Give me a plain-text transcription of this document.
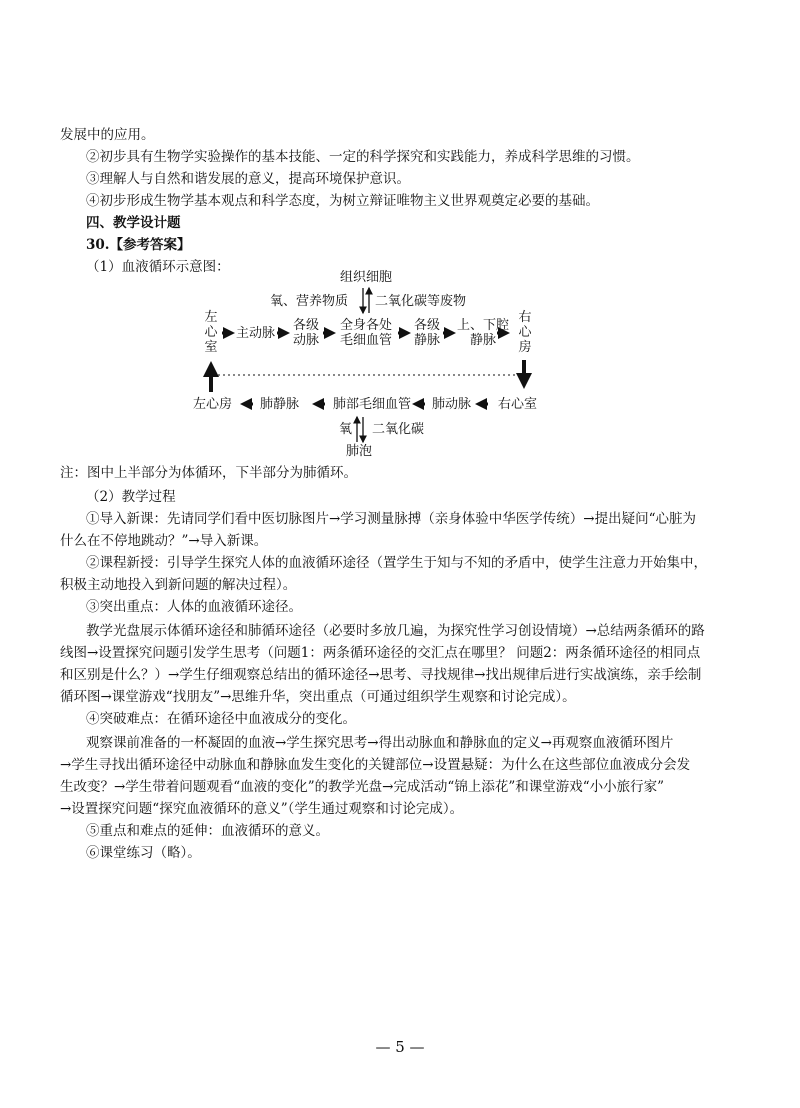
发展中的应用。
②初步具有生物学实验操作的基本技能、一定的科学探究和实践能力，养成科学思维的习惯。
③理解人与自然和谐发展的意义，提高环境保护意识。
④初步形成生物学基本观点和科学态度，为树立辩证唯物主义世界观奠定必要的基础。
四、教学设计题
30.【参考答案】
（1）血液循环示意图：
组织细胞
氧、营养物质 二氧化碳等废物
左
心
室
主动脉
各级
动脉
全身各处
毛细血管
各级
静脉
上、下腔
静脉
右
心
房
左心房 肺静脉	肺部毛细血管 肺动脉 右心室
氧 二氧化碳
肺泡
注：图中上半部分为体循环，下半部分为肺循环。
（2）教学过程
①导入新课：先请同学们看中医切脉图片→学习测量脉搏（亲身体验中华医学传统）→提出疑问“心脏为
什么在不停地跳动？”→导入新课。
②课程新授：引导学生探究人体的血液循环途径（置学生于知与不知的矛盾中，使学生注意力开始集中，
积极主动地投入到新问题的解决过程）。
③突出重点：人体的血液循环途径。
教学光盘展示体循环途径和肺循环途径（必要时多放几遍，为探究性学习创设情境）→总结两条循环的路
线图→设置探究问题引发学生思考（问题1：两条循环途径的交汇点在哪里？ 问题2：两条循环途径的相同点
和区别是什么？）→学生仔细观察总结出的循环途径→思考、寻找规律→找出规律后进行实战演练，亲手绘制
循环图→课堂游戏“找朋友”→思维升华，突出重点（可通过组织学生观察和讨论完成）。
④突破难点：在循环途径中血液成分的变化。
观察课前准备的一杯凝固的血液→学生探究思考→得出动脉血和静脉血的定义→再观察血液循环图片
→学生寻找出循环途径中动脉血和静脉血发生变化的关键部位→设置悬疑：为什么在这些部位血液成分会发
生改变？→学生带着问题观看“血液的变化”的教学光盘→完成活动“锦上添花”和课堂游戏“小小旅行家”
→设置探究问题“探究血液循环的意义”（学生通过观察和讨论完成）。
⑤重点和难点的延伸：血液循环的意义。
⑥课堂练习（略）。
— 5 —
